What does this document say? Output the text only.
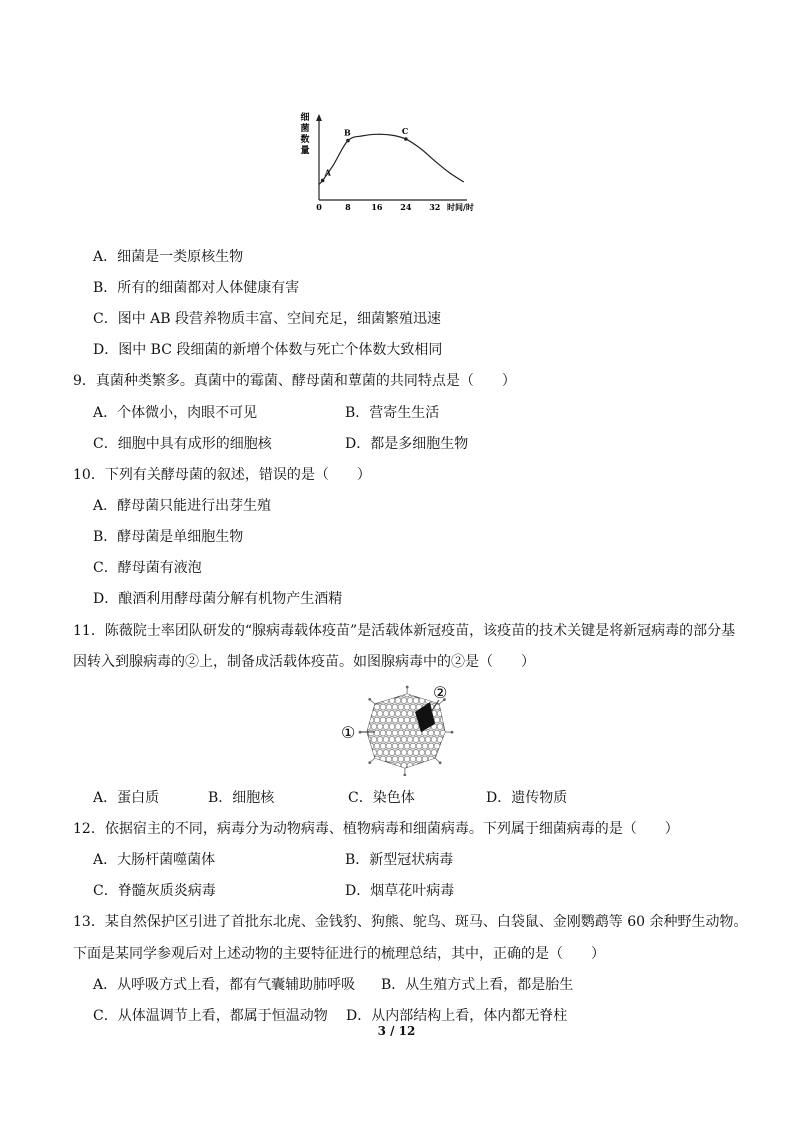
细
菌
数
量
时间/时
0	8	16 24 32
A
B	C
A．细菌是一类原核生物
B．所有的细菌都对人体健康有害
C．图中 AB 段营养物质丰富、空间充足，细菌繁殖迅速
D．图中 BC 段细菌的新增个体数与死亡个体数大致相同
9．真菌种类繁多。真菌中的霉菌、酵母菌和蕈菌的共同特点是（　　）
A．个体微小，肉眼不可见	B．营寄生生活
C．细胞中具有成形的细胞核	D．都是多细胞生物
10．下列有关酵母菌的叙述，错误的是（　　）
A．酵母菌只能进行出芽生殖
B．酵母菌是单细胞生物
C．酵母菌有液泡
D．酿酒利用酵母菌分解有机物产生酒精
11．陈薇院士率团队研发的“腺病毒载体疫苗”是活载体新冠疫苗，该疫苗的技术关键是将新冠病毒的部分基
因转入到腺病毒的②上，制备成活载体疫苗。如图腺病毒中的②是（　　）
①
②
A．蛋白质	B．细胞核	C．染色体	D．遗传物质
12．依据宿主的不同，病毒分为动物病毒、植物病毒和细菌病毒。下列属于细菌病毒的是（　　）
A．大肠杆菌噬菌体	B．新型冠状病毒
C．脊髓灰质炎病毒	D．烟草花叶病毒
13．某自然保护区引进了首批东北虎、金钱豹、狗熊、鸵鸟、斑马、白袋鼠、金刚鹦鹉等 60 余种野生动物。
下面是某同学参观后对上述动物的主要特征进行的梳理总结，其中，正确的是（　　）
A．从呼吸方式上看，都有气囊辅助肺呼吸 B．从生殖方式上看，都是胎生
C．从体温调节上看，都属于恒温动物 D．从内部结构上看，体内都无脊柱
3 / 12
